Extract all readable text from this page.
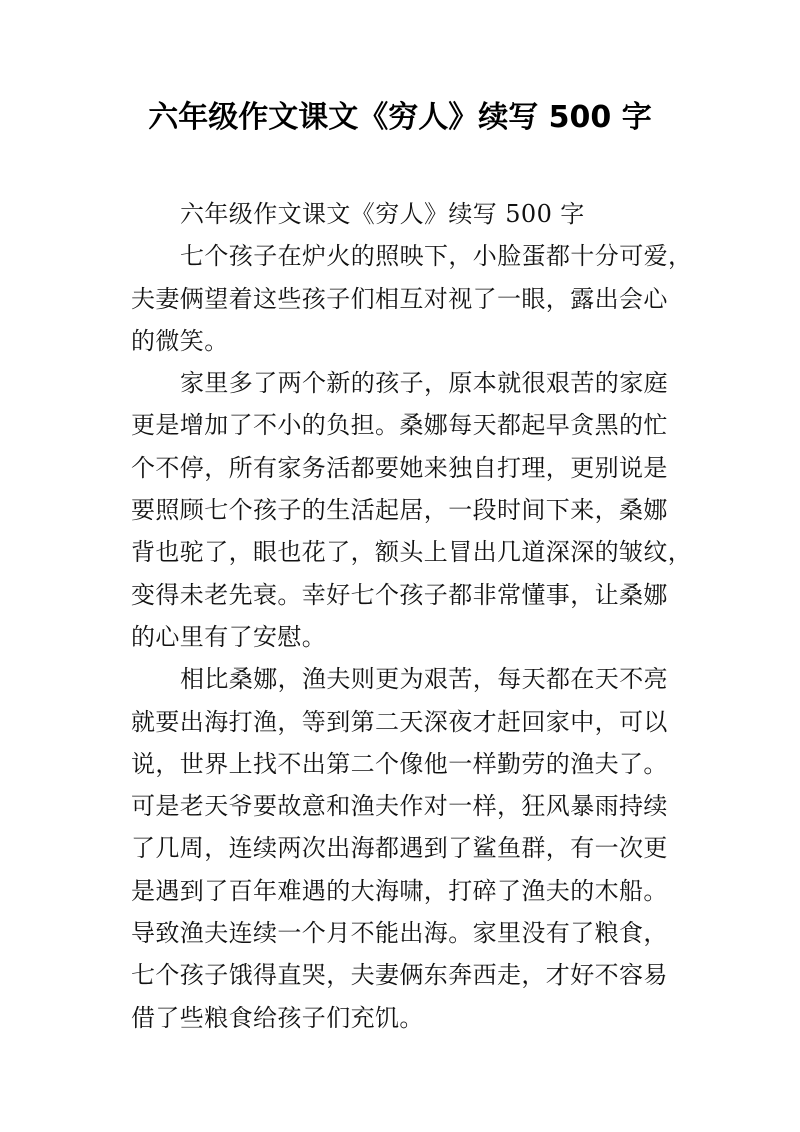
六年级作文课文《穷人》续写 500 字
六年级作文课文《穷人》续写 500 字
七个孩子在炉火的照映下，小脸蛋都十分可爱，
夫妻俩望着这些孩子们相互对视了一眼，露出会心
的微笑。
家里多了两个新的孩子，原本就很艰苦的家庭
更是增加了不小的负担。桑娜每天都起早贪黑的忙
个不停，所有家务活都要她来独自打理，更别说是
要照顾七个孩子的生活起居，一段时间下来，桑娜
背也驼了，眼也花了，额头上冒出几道深深的皱纹，
变得未老先衰。幸好七个孩子都非常懂事，让桑娜
的心里有了安慰。
相比桑娜，渔夫则更为艰苦，每天都在天不亮
就要出海打渔，等到第二天深夜才赶回家中，可以
说，世界上找不出第二个像他一样勤劳的渔夫了。
可是老天爷要故意和渔夫作对一样，狂风暴雨持续
了几周，连续两次出海都遇到了鲨鱼群，有一次更
是遇到了百年难遇的大海啸，打碎了渔夫的木船。
导致渔夫连续一个月不能出海。家里没有了粮食，
七个孩子饿得直哭，夫妻俩东奔西走，才好不容易
借了些粮食给孩子们充饥。
